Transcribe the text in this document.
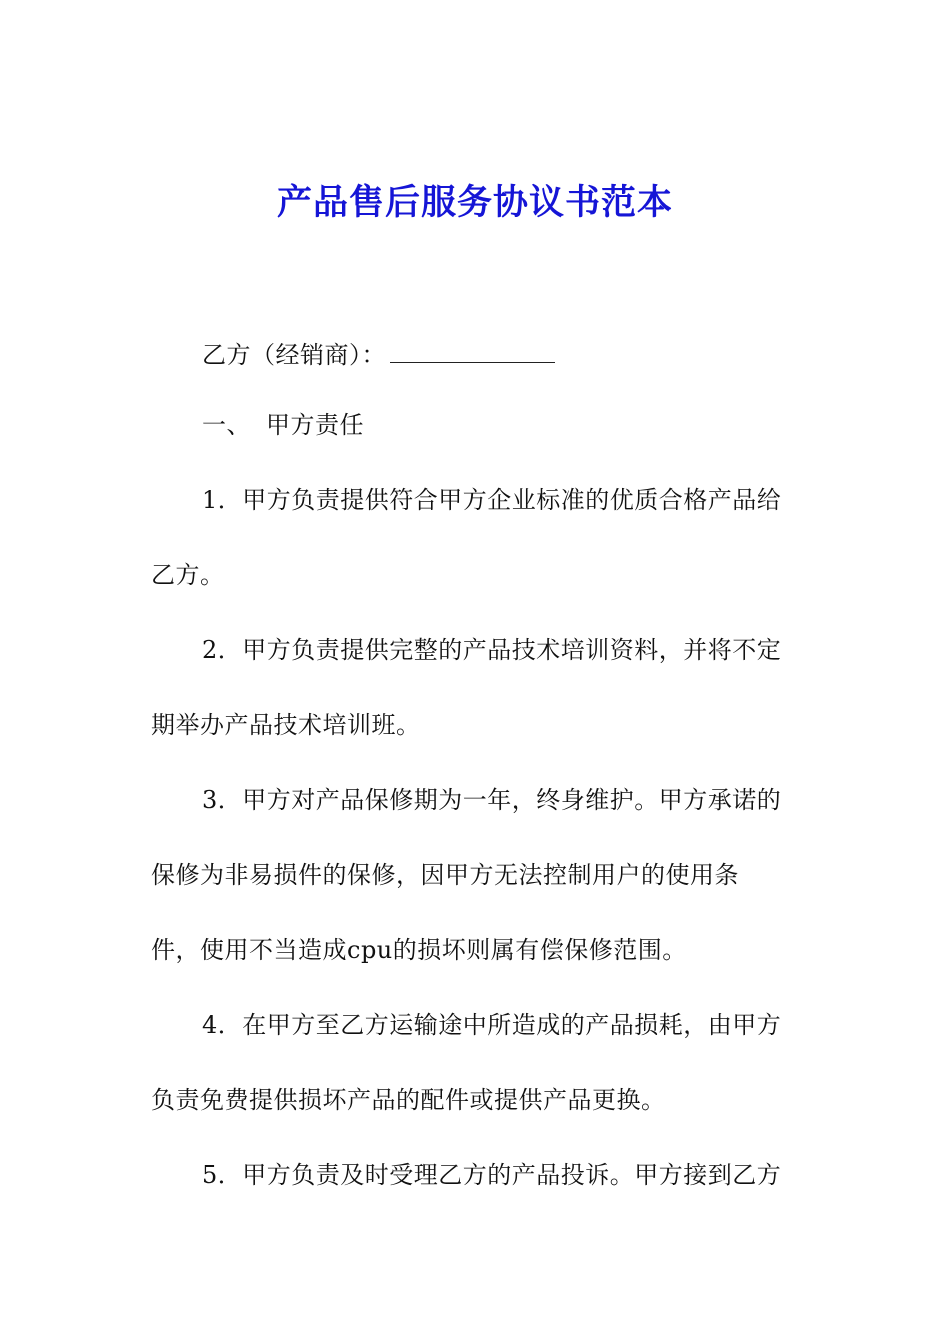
产品售后服务协议书范本
乙方（经销商）：
一、 甲方责任
1．甲方负责提供符合甲方企业标准的优质合格产品给
乙方。
2．甲方负责提供完整的产品技术培训资料，并将不定
期举办产品技术培训班。
3．甲方对产品保修期为一年，终身维护。甲方承诺的
保修为非易损件的保修，因甲方无法控制用户的使用条
件，使用不当造成cpu的损坏则属有偿保修范围。
4．在甲方至乙方运输途中所造成的产品损耗，由甲方
负责免费提供损坏产品的配件或提供产品更换。
5．甲方负责及时受理乙方的产品投诉。甲方接到乙方
